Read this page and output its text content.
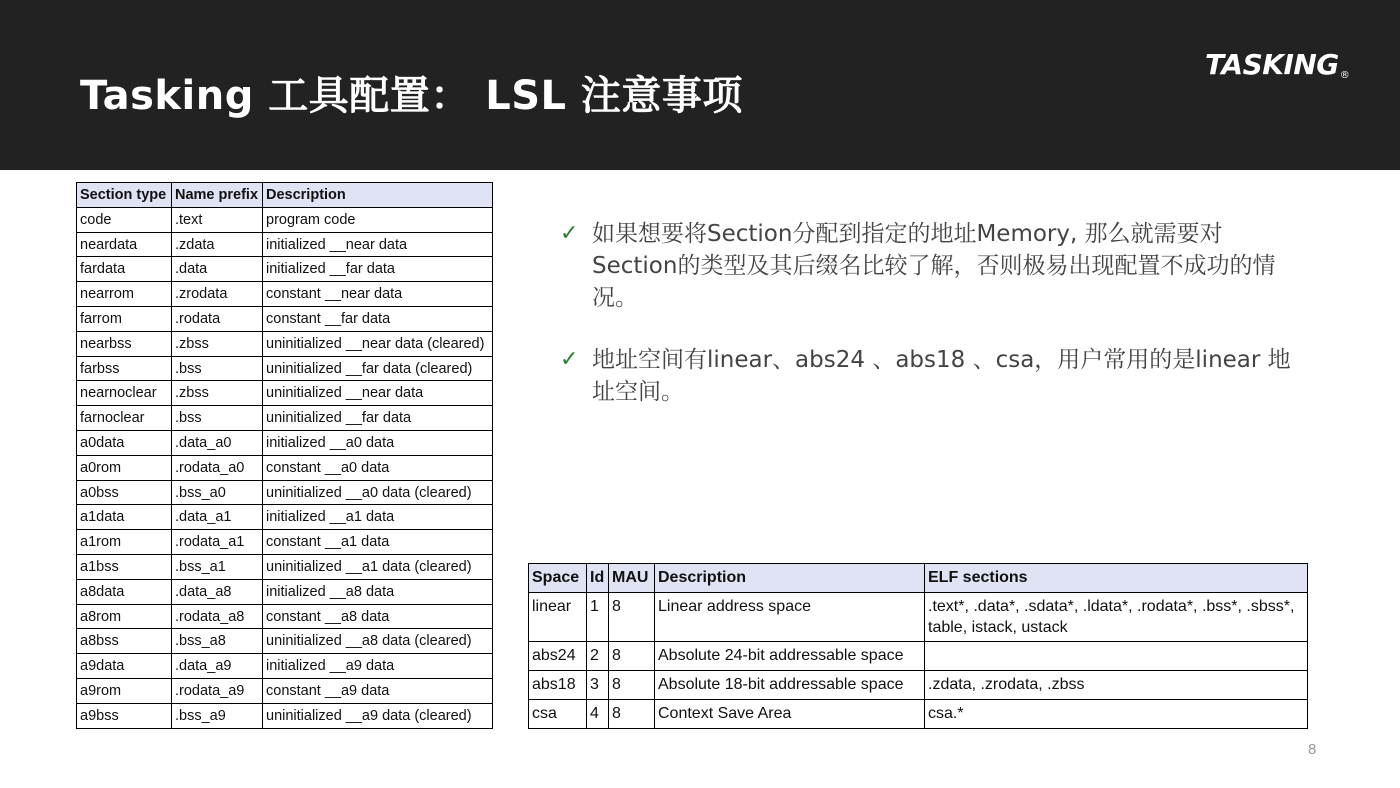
Tasking 工具配置： LSL 注意事项
TASKING®
Section type	Name prefix	Description
code	.text	program code
neardata	.zdata	initialized __near data
fardata	.data	initialized __far data
nearrom	.zrodata	constant __near data
farrom	.rodata	constant __far data
nearbss	.zbss	uninitialized __near data (cleared)
farbss	.bss	uninitialized __far data (cleared)
nearnoclear	.zbss	uninitialized __near data
farnoclear	.bss	uninitialized __far data
a0data	.data_a0	initialized __a0 data
a0rom	.rodata_a0	constant __a0 data
a0bss	.bss_a0	uninitialized __a0 data (cleared)
a1data	.data_a1	initialized __a1 data
a1rom	.rodata_a1	constant __a1 data
a1bss	.bss_a1	uninitialized __a1 data (cleared)
a8data	.data_a8	initialized __a8 data
a8rom	.rodata_a8	constant __a8 data
a8bss	.bss_a8	uninitialized __a8 data (cleared)
a9data	.data_a9	initialized __a9 data
a9rom	.rodata_a9	constant __a9 data
a9bss	.bss_a9	uninitialized __a9 data (cleared)
✓ 如果想要将Section分配到指定的地址Memory, 那么就需要对Section的类型及其后缀名比较了解，否则极易出现配置不成功的情况。
✓ 地址空间有linear、abs24 、abs18 、csa，用户常用的是linear 地址空间。
Space	Id	MAU	Description	ELF sections
linear	1	8	Linear address space	.text*, .data*, .sdata*, .ldata*, .rodata*, .bss*, .sbss*, table, istack, ustack
abs24	2	8	Absolute 24-bit addressable space	
abs18	3	8	Absolute 18-bit addressable space	.zdata, .zrodata, .zbss
csa	4	8	Context Save Area	csa.*
8
